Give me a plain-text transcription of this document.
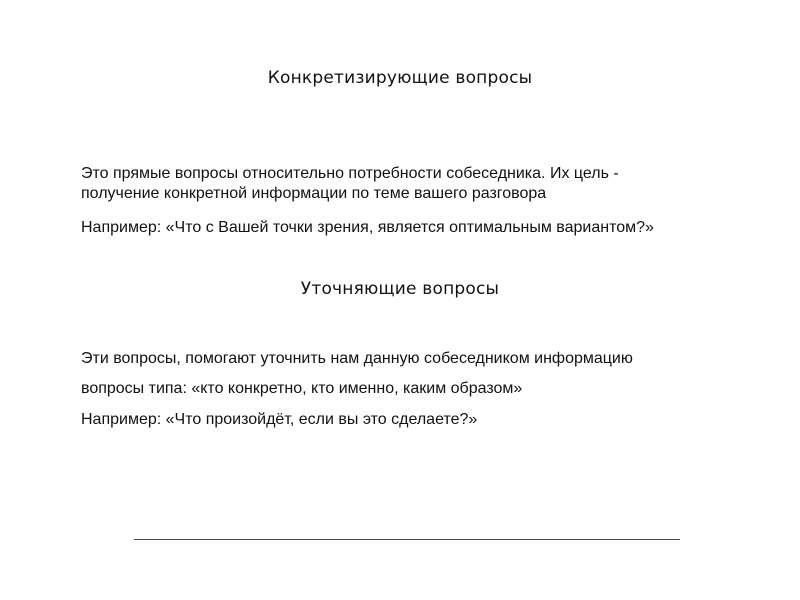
Конкретизирующие вопросы

Это прямые вопросы относительно потребности собеседника. Их цель -
получение конкретной информации по теме вашего разговора

Например: «Что с Вашей точки зрения, является оптимальным вариантом?»

Уточняющие вопросы

Эти вопросы, помогают уточнить нам данную собеседником информацию

вопросы типа: «кто конкретно, кто именно, каким образом»

Например: «Что произойдёт, если вы это сделаете?»
